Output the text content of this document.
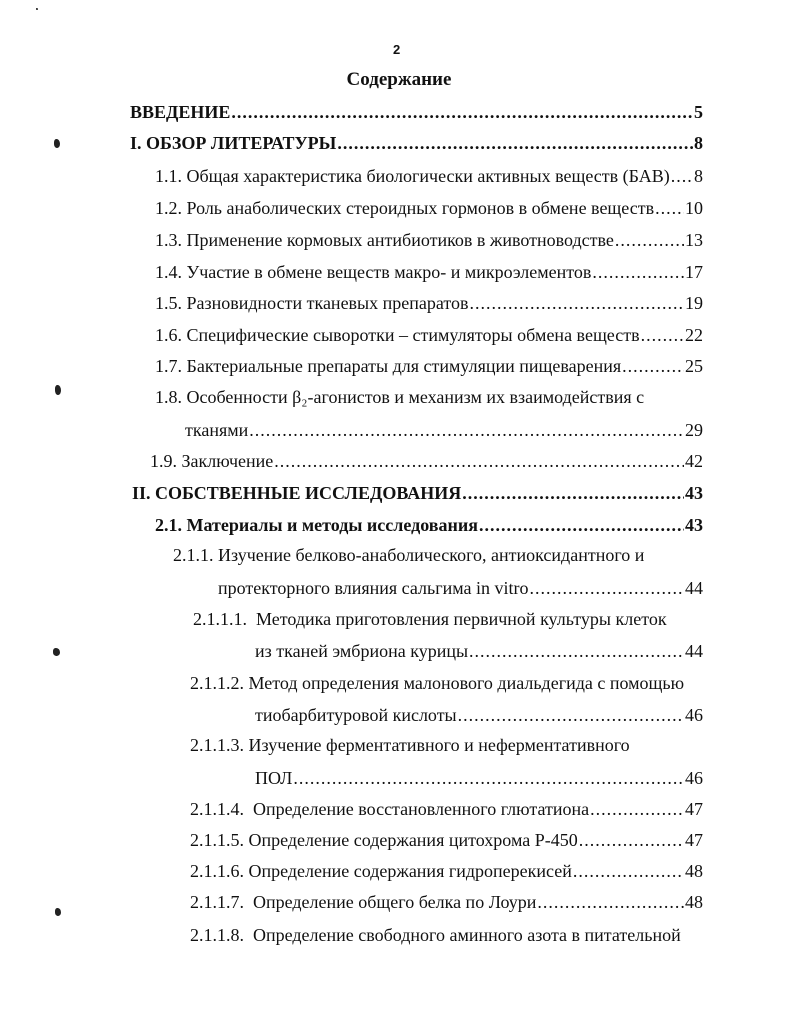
2
Содержание
ВВЕДЕНИЕ .....	5
I. ОБЗОР ЛИТЕРАТУРЫ .....	8
1.1. Общая характеристика биологически активных веществ (БАВ) ..... 8
1.2. Роль анаболических стероидных гормонов в обмене веществ ..... 10
1.3. Применение кормовых антибиотиков в животноводстве .....	13
1.4. Участие в обмене веществ макро- и микроэлементов .....	17
1.5. Разновидности тканевых препаратов .....	19
1.6. Специфические сыворотки – стимуляторы обмена веществ .....	22
1.7. Бактериальные препараты для стимуляции пищеварения .....	25
1.8. Особенности β₂-агонистов и механизм их взаимодействия с
тканями .....	29
1.9. Заключение .....	42
II. СОБСТВЕННЫЕ ИССЛЕДОВАНИЯ .....	43
2.1. Материалы и методы исследования .....	43
2.1.1. Изучение белково-анаболического, антиоксидантного и
протекторного влияния сальгима in vitro .....	44
2.1.1.1.  Методика приготовления первичной культуры клеток
из тканей эмбриона курицы .....	44
2.1.1.2. Метод определения малонового диальдегида с помощью
тиобарбитуровой кислоты .....	46
2.1.1.3. Изучение ферментативного и неферментативного
ПОЛ .....	46
2.1.1.4.  Определение восстановленного глютатиона .....	47
2.1.1.5. Определение содержания цитохрома Р-450 .....	47
2.1.1.6. Определение содержания гидроперекисей .....	48
2.1.1.7.  Определение общего белка по Лоури .....	48
2.1.1.8.  Определение свободного аминного азота в питательной
